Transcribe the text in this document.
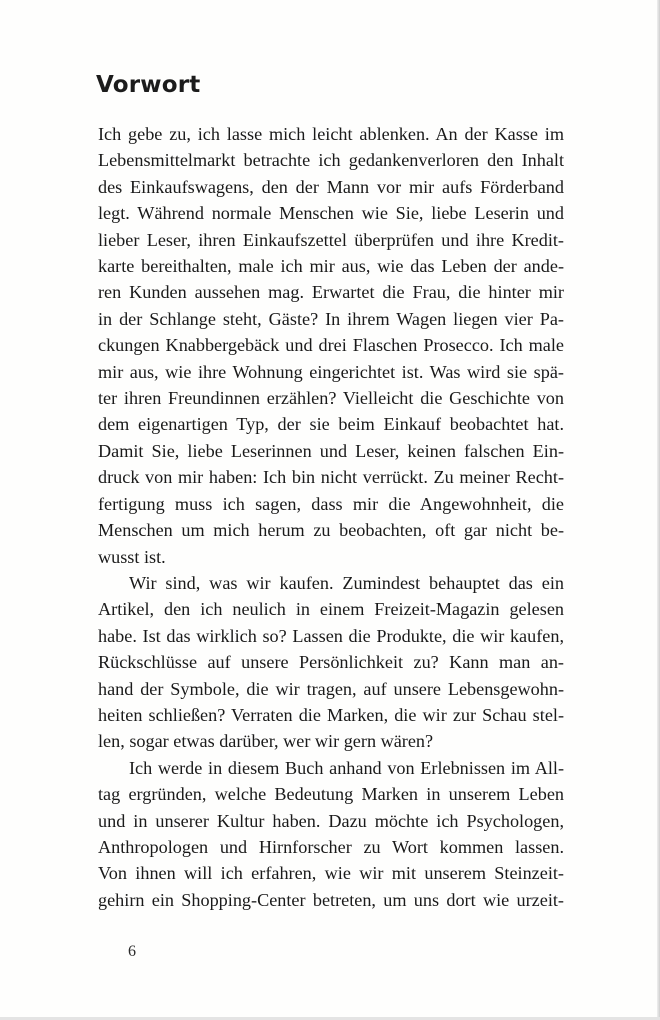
Vorwort
Ich gebe zu, ich lasse mich leicht ablenken. An der Kasse im
Lebensmittelmarkt betrachte ich gedankenverloren den Inhalt
des Einkaufswagens, den der Mann vor mir aufs Förderband
legt. Während normale Menschen wie Sie, liebe Leserin und
lieber Leser, ihren Einkaufszettel überprüfen und ihre Kredit-
karte bereithalten, male ich mir aus, wie das Leben der ande-
ren Kunden aussehen mag. Erwartet die Frau, die hinter mir
in der Schlange steht, Gäste? In ihrem Wagen liegen vier Pa-
ckungen Knabbergebäck und drei Flaschen Prosecco. Ich male
mir aus, wie ihre Wohnung eingerichtet ist. Was wird sie spä-
ter ihren Freundinnen erzählen? Vielleicht die Geschichte von
dem eigenartigen Typ, der sie beim Einkauf beobachtet hat.
Damit Sie, liebe Leserinnen und Leser, keinen falschen Ein-
druck von mir haben: Ich bin nicht verrückt. Zu meiner Recht-
fertigung muss ich sagen, dass mir die Angewohnheit, die
Menschen um mich herum zu beobachten, oft gar nicht be-
wusst ist.
Wir sind, was wir kaufen. Zumindest behauptet das ein
Artikel, den ich neulich in einem Freizeit-Magazin gelesen
habe. Ist das wirklich so? Lassen die Produkte, die wir kaufen,
Rückschlüsse auf unsere Persönlichkeit zu? Kann man an-
hand der Symbole, die wir tragen, auf unsere Lebensgewohn-
heiten schließen? Verraten die Marken, die wir zur Schau stel-
len, sogar etwas darüber, wer wir gern wären?
Ich werde in diesem Buch anhand von Erlebnissen im All-
tag ergründen, welche Bedeutung Marken in unserem Leben
und in unserer Kultur haben. Dazu möchte ich Psychologen,
Anthropologen und Hirnforscher zu Wort kommen lassen.
Von ihnen will ich erfahren, wie wir mit unserem Steinzeit-
gehirn ein Shopping-Center betreten, um uns dort wie urzeit-
6
